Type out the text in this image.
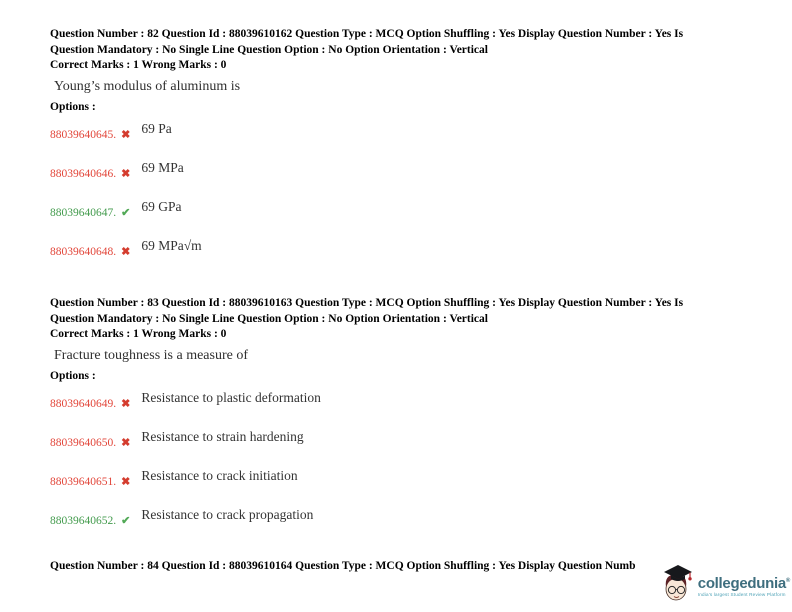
Question Number : 82 Question Id : 88039610162 Question Type : MCQ Option Shuffling : Yes Display Question Number : Yes Is
Question Mandatory : No Single Line Question Option : No Option Orientation : Vertical
Correct Marks : 1 Wrong Marks : 0
Young’s modulus of aluminum is
Options :
$_{88039640645.}$ $_✖$ 69 Pa
$_{88039640646.}$ $_✖$ 69 MPa
$_{88039640647.}$ $_✔$ 69 GPa
$_{88039640648.}$ $_✖$ 69 MPa√m
Question Number : 83 Question Id : 88039610163 Question Type : MCQ Option Shuffling : Yes Display Question Number : Yes Is
Question Mandatory : No Single Line Question Option : No Option Orientation : Vertical
Correct Marks : 1 Wrong Marks : 0
Fracture toughness is a measure of
Options :
$_{88039640649.}$ $_✖$ Resistance to plastic deformation
$_{88039640650.}$ $_✖$ Resistance to strain hardening
$_{88039640651.}$ $_✖$ Resistance to crack initiation
$_{88039640652.}$ $_✔$ Resistance to crack propagation
Question Number : 84 Question Id : 88039610164 Question Type : MCQ Option Shuffling : Yes Display Question Numb
collegedunia®
India's largest Student Review Platform
